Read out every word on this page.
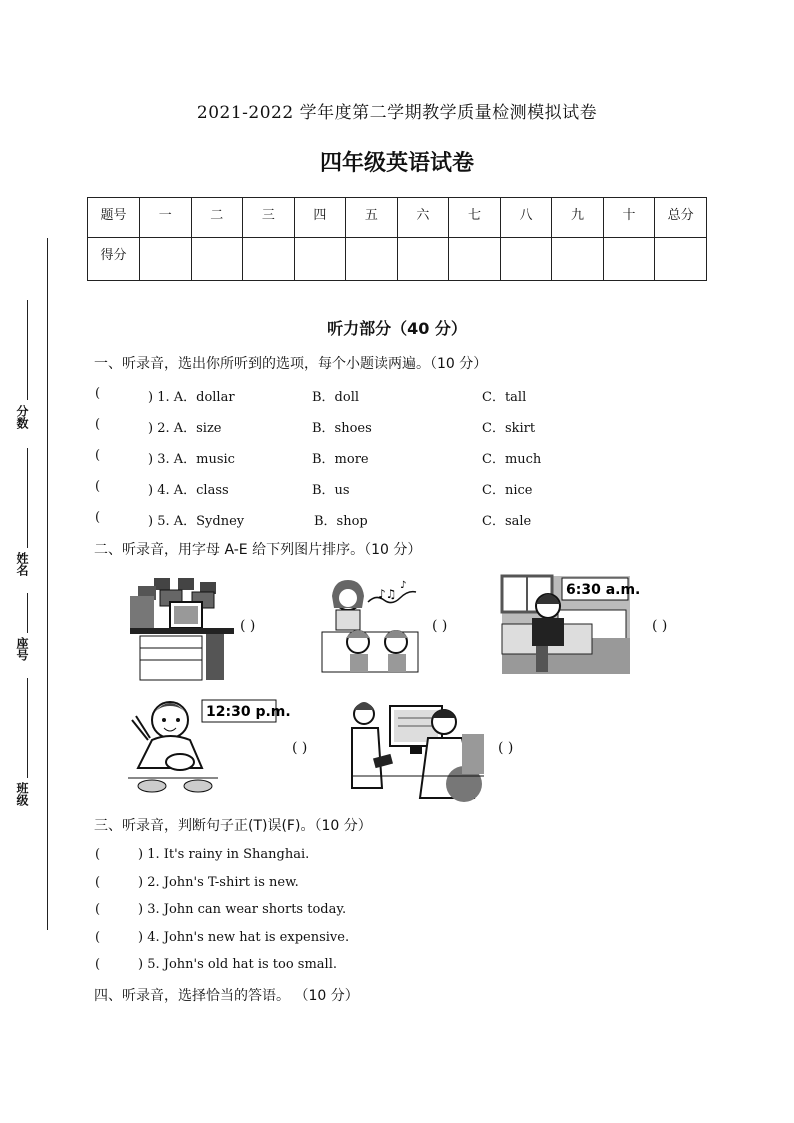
2021-2022 学年度第二学期教学质量检测模拟试卷
四年级英语试卷
题号	一	二	三	四	五	六	七	八	九	十	总分
得分											
分数
姓名
座号
班级
听力部分（40 分）
一、听录音，选出你所听到的选项，每个小题读两遍。（10 分）
(	) 1. A．dollar	B．doll	C．tall
(	) 2. A．size	B．shoes	C．skirt
(	) 3. A．music	B．more	C．much
(	) 4. A．class	B．us	C．nice
(	) 5. A．Sydney	B．shop	C．sale
二、听录音，用字母 A-E 给下列图片排序。（10 分）
( )
♪♫
♪
( )
6:30 a.m.
( )
12:30 p.m.
( )	( )
三、听录音，判断句子正(T)误(F)。（10 分）
(	) 1. It's rainy in Shanghai.
(	) 2. John's T-shirt is new.
(	) 3. John can wear shorts today.
(	) 4. John's new hat is expensive.
(	) 5. John's old hat is too small.
四、听录音，选择恰当的答语。 （10 分）
